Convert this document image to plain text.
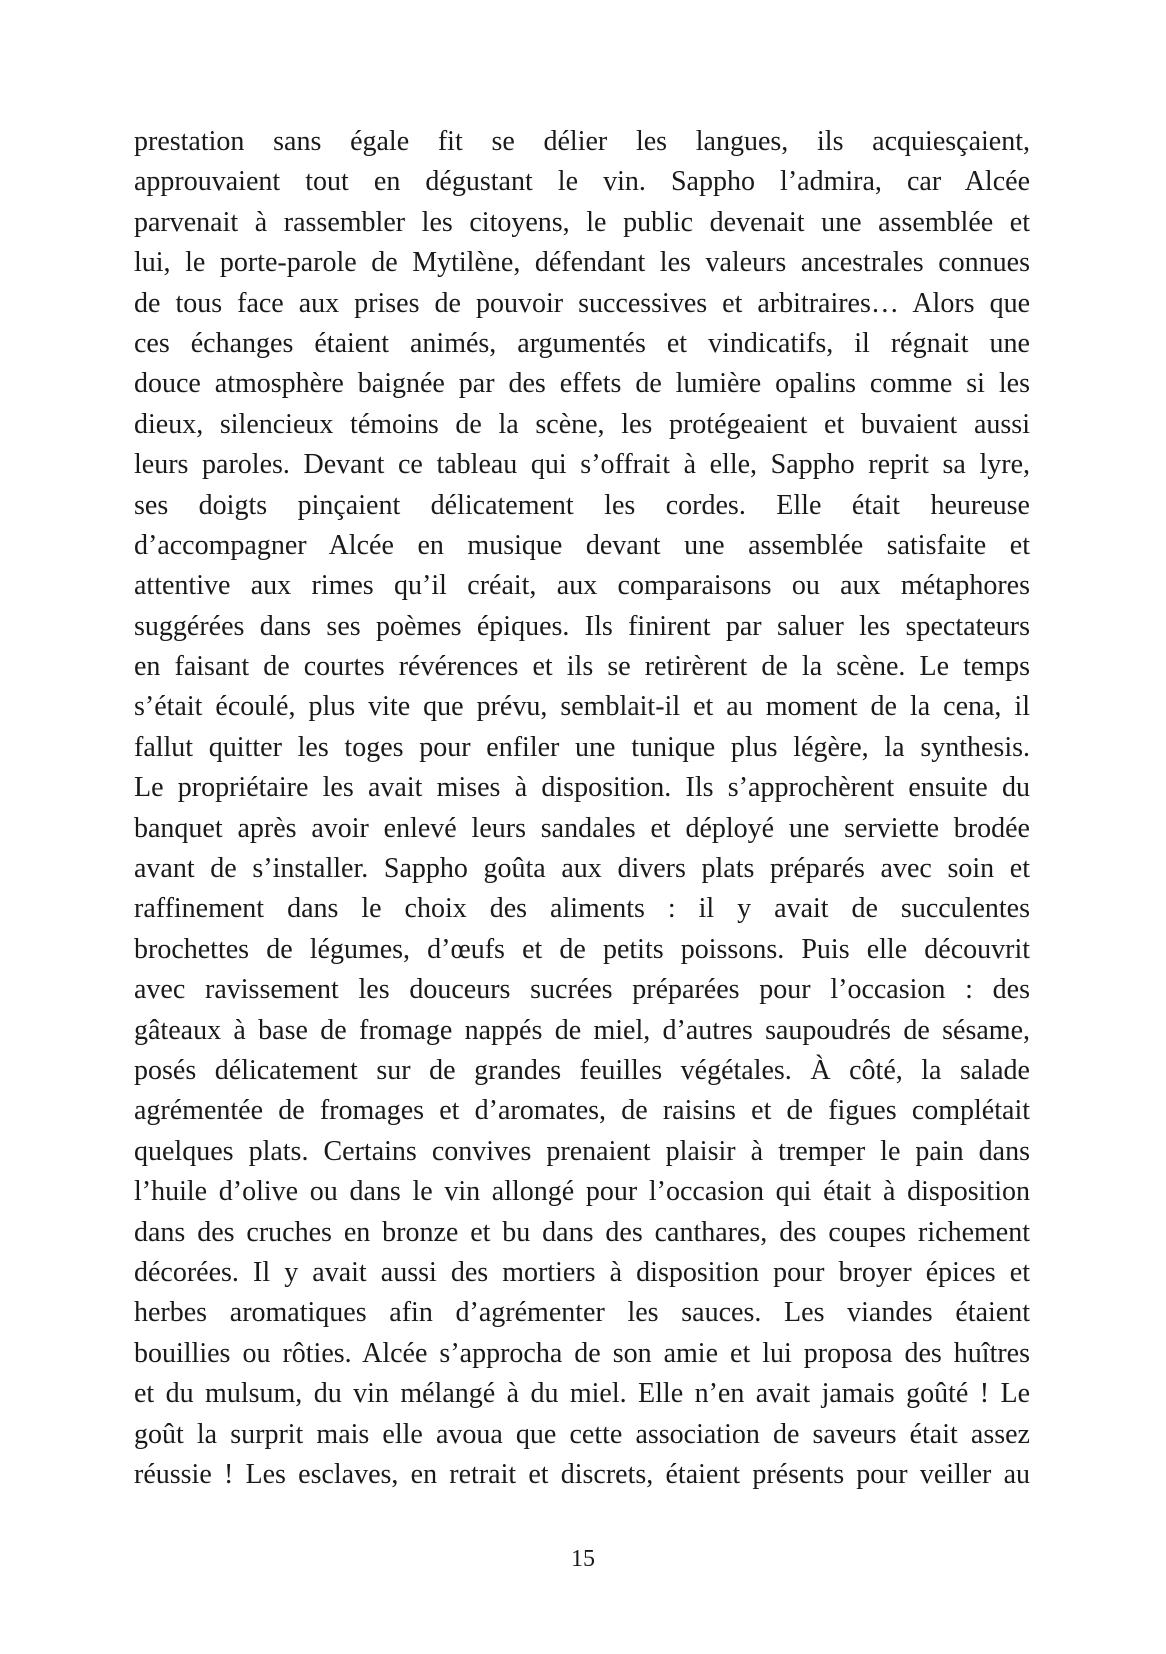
prestation sans égale fit se délier les langues, ils acquiesçaient,
approuvaient tout en dégustant le vin. Sappho l’admira, car Alcée
parvenait à rassembler les citoyens, le public devenait une assemblée et
lui, le porte-parole de Mytilène, défendant les valeurs ancestrales connues
de tous face aux prises de pouvoir successives et arbitraires… Alors que
ces échanges étaient animés, argumentés et vindicatifs, il régnait une
douce atmosphère baignée par des effets de lumière opalins comme si les
dieux, silencieux témoins de la scène, les protégeaient et buvaient aussi
leurs paroles. Devant ce tableau qui s’offrait à elle, Sappho reprit sa lyre,
ses doigts pinçaient délicatement les cordes. Elle était heureuse
d’accompagner Alcée en musique devant une assemblée satisfaite et
attentive aux rimes qu’il créait, aux comparaisons ou aux métaphores
suggérées dans ses poèmes épiques. Ils finirent par saluer les spectateurs
en faisant de courtes révérences et ils se retirèrent de la scène. Le temps
s’était écoulé, plus vite que prévu, semblait-il et au moment de la cena, il
fallut quitter les toges pour enfiler une tunique plus légère, la synthesis.
Le propriétaire les avait mises à disposition. Ils s’approchèrent ensuite du
banquet après avoir enlevé leurs sandales et déployé une serviette brodée
avant de s’installer. Sappho goûta aux divers plats préparés avec soin et
raffinement dans le choix des aliments : il y avait de succulentes
brochettes de légumes, d’œufs et de petits poissons. Puis elle découvrit
avec ravissement les douceurs sucrées préparées pour l’occasion : des
gâteaux à base de fromage nappés de miel, d’autres saupoudrés de sésame,
posés délicatement sur de grandes feuilles végétales. À côté, la salade
agrémentée de fromages et d’aromates, de raisins et de figues complétait
quelques plats. Certains convives prenaient plaisir à tremper le pain dans
l’huile d’olive ou dans le vin allongé pour l’occasion qui était à disposition
dans des cruches en bronze et bu dans des canthares, des coupes richement
décorées. Il y avait aussi des mortiers à disposition pour broyer épices et
herbes aromatiques afin d’agrémenter les sauces. Les viandes étaient
bouillies ou rôties. Alcée s’approcha de son amie et lui proposa des huîtres
et du mulsum, du vin mélangé à du miel. Elle n’en avait jamais goûté ! Le
goût la surprit mais elle avoua que cette association de saveurs était assez
réussie ! Les esclaves, en retrait et discrets, étaient présents pour veiller au
15
